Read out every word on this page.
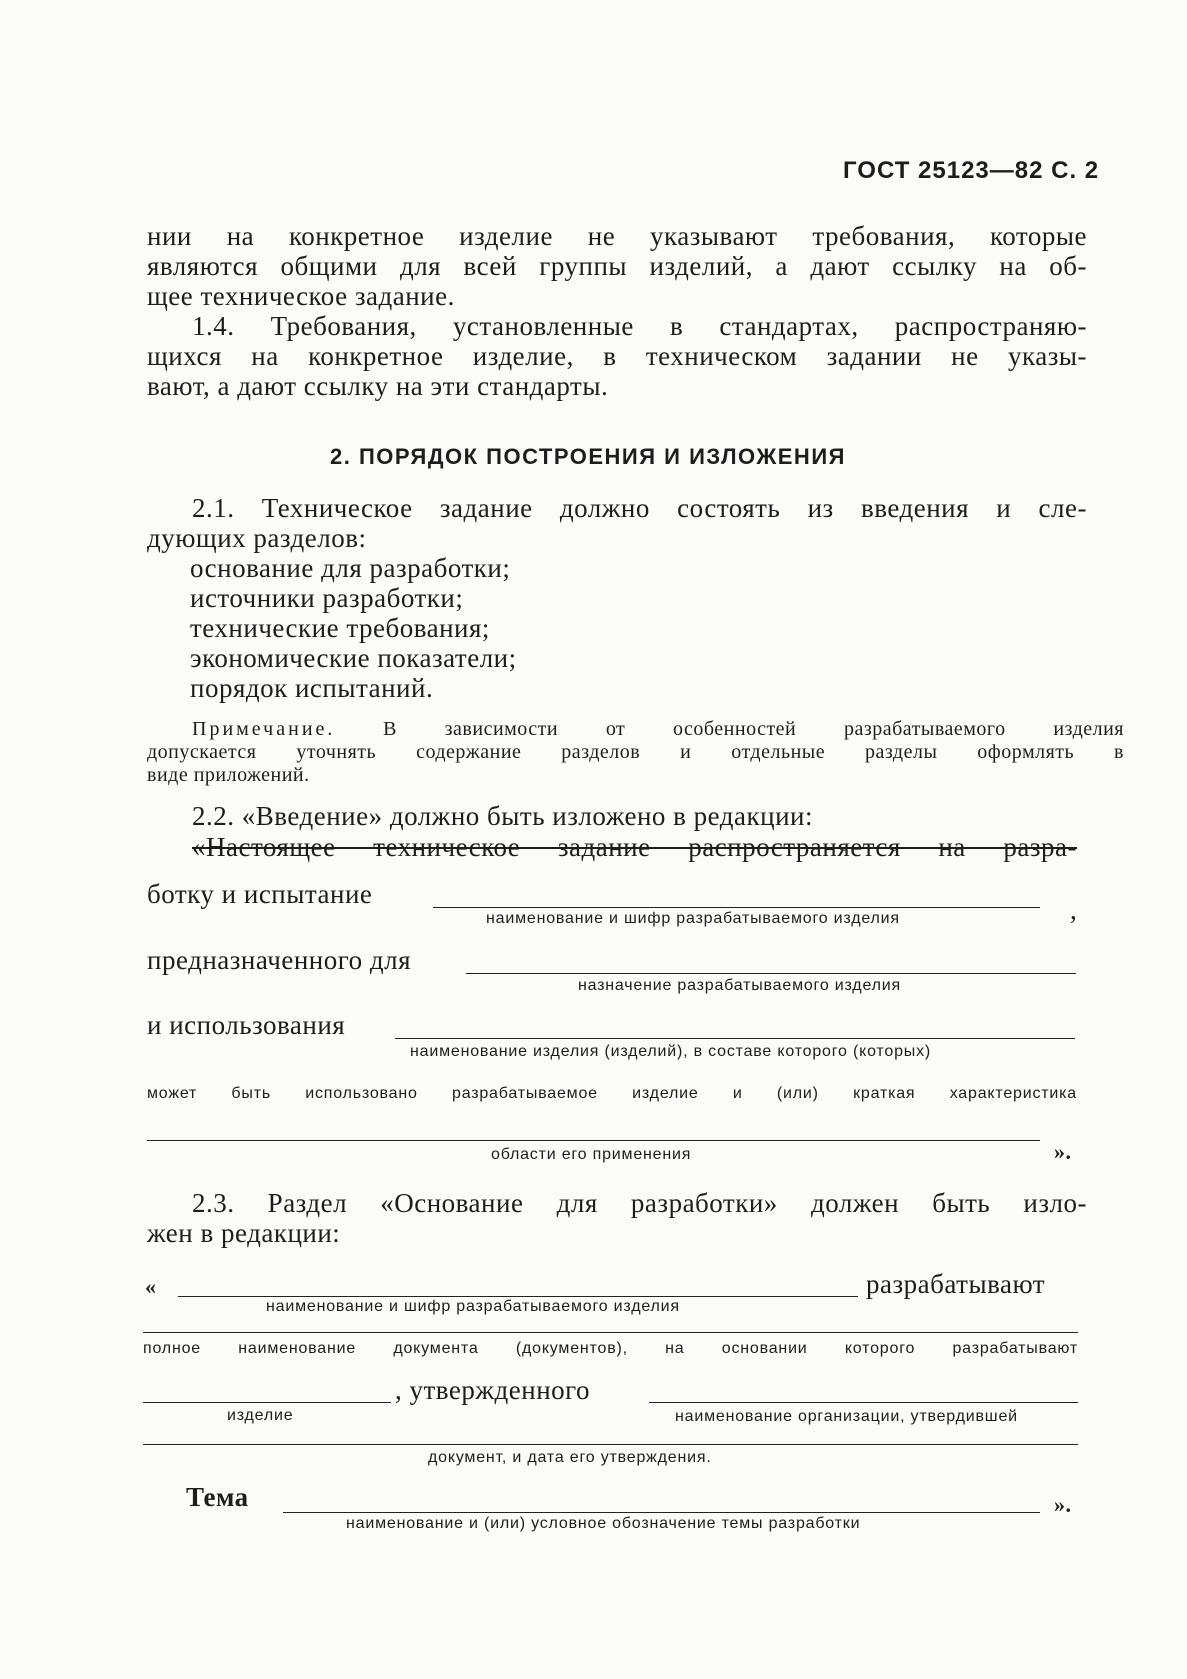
ГОСТ 25123—82 С. 2
нии на конкретное изделие не указывают требования, которые
являются общими для всей группы изделий, а дают ссылку на об-
щее техническое задание.
1.4. Требования, установленные в стандартах, распространяю-
щихся на конкретное изделие, в техническом задании не указы-
вают, а дают ссылку на эти стандарты.
2. ПОРЯДОК ПОСТРОЕНИЯ И ИЗЛОЖЕНИЯ
2.1. Техническое задание должно состоять из введения и сле-
дующих разделов:
основание для разработки;
источники разработки;
технические требования;
экономические показатели;
порядок испытаний.
Примечание. В зависимости от особенностей разрабатываемого изделия
допускается уточнять содержание разделов и отдельные разделы оформлять в
виде приложений.
2.2. «Введение» должно быть изложено в редакции:
«Настоящее техническое задание распространяется на разра-
ботку и испытание
наименование и шифр разрабатываемого изделия	,
предназначенного для
назначение разрабатываемого изделия
и использования
наименование изделия (изделий), в составе которого (которых)
может быть использовано разрабатываемое изделие и (или) краткая характеристика
области его применения	».
2.3. Раздел «Основание для разработки» должен быть изло-
жен в редакции:
«	разрабатывают
наименование и шифр разрабатываемого изделия
полное наименование документа (документов), на основании которого разрабатывают
, утвержденного
изделие	наименование организации, утвердившей
документ, и дата его утверждения.
Тема	».
наименование и (или) условное обозначение темы разработки
